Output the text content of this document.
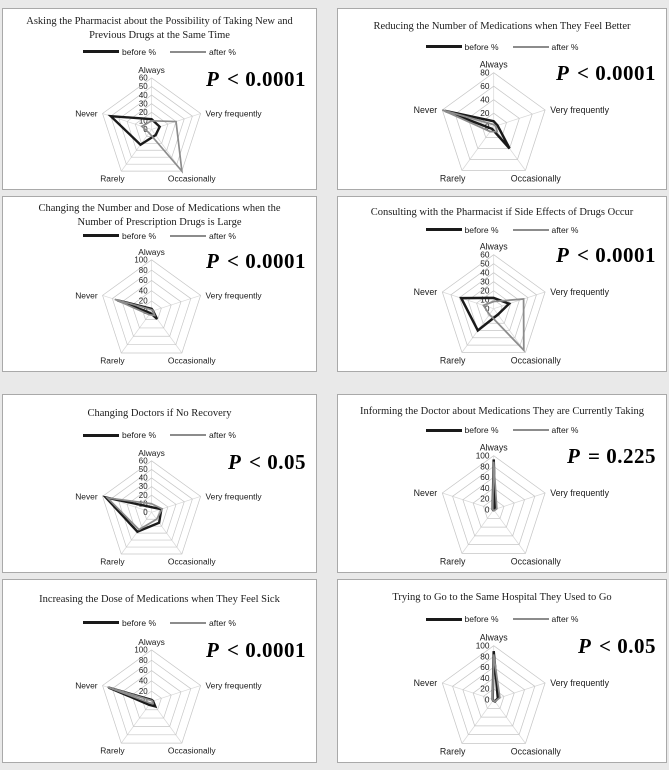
Asking the Pharmacist about the Possibility of Taking New and Previous Drugs at the Same Time
before %	after %
0
10
20
30
40
50
60
Always
Very frequently
Occasionally
Rarely
Never
P < 0.0001
Reducing the Number of Medications when They Feel Better
before %	after %
0
20
40
60
80
Always
Very frequently
Occasionally
Rarely
Never
P < 0.0001
Changing the Number and Dose of Medications when the Number of Prescription Drugs is Large
before %	after %
0
20
40
60
80
100
Always
Very frequently
Occasionally
Rarely
Never
P < 0.0001
Consulting with the Pharmacist if Side Effects of Drugs Occur
before %	after %
0
10
20
30
40
50
60
Always
Very frequently
Occasionally
Rarely
Never
P < 0.0001
Changing Doctors if No Recovery
before %	after %
0
10
20
30
40
50
60
Always
Very frequently
Occasionally
Rarely
Never
P < 0.05
Informing the Doctor about Medications They are Currently Taking
before %	after %
0
20
40
60
80
100
Always
Very frequently
Occasionally
Rarely
Never
P = 0.225
Increasing the Dose of Medications when They Feel Sick
before %	after %
0
20
40
60
80
100
Always
Very frequently
Occasionally
Rarely
Never
P < 0.0001
Trying to Go to the Same Hospital They Used to Go
before %	after %
0
20
40
60
80
100
Always
Very frequently
Occasionally
Rarely
Never
P < 0.05
